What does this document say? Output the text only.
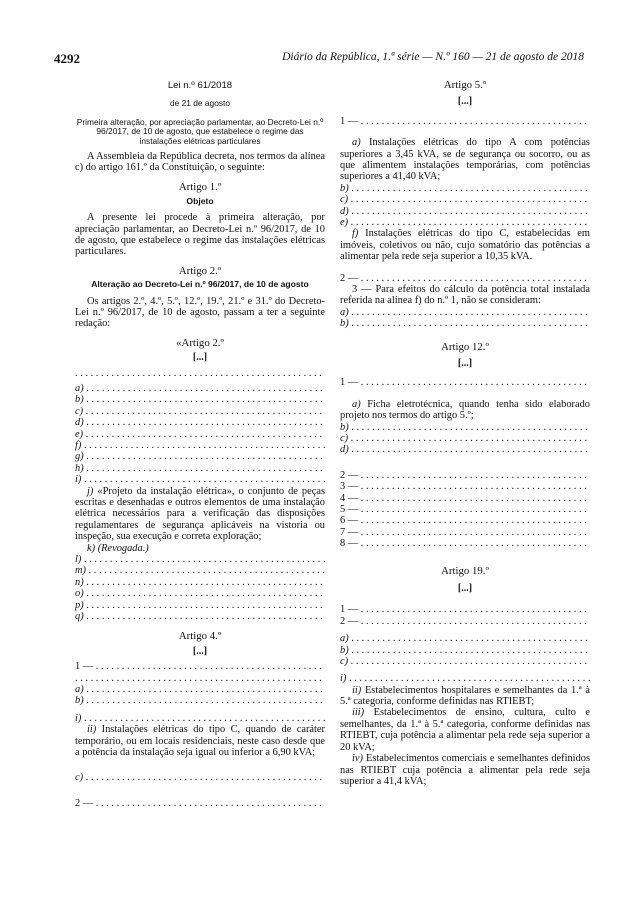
4292	Diário da República, 1.ª série — N.º 160 — 21 de agosto de 2018
Lei n.º 61/2018
de 21 de agosto
Primeira alteração, por apreciação parlamentar, ao Decreto-Lei n.º 96/2017, de 10 de agosto, que estabelece o regime das instalações elétricas particulares

A Assembleia da República decreta, nos termos da alínea c) do artigo 161.º da Constituição, o seguinte:

Artigo 1.º
Objeto

A presente lei procede à primeira alteração, por apreciação parlamentar, ao Decreto-Lei n.º 96/2017, de 10 de agosto, que estabelece o regime das instalações elétricas particulares.

Artigo 2.º
Alteração ao Decreto-Lei n.º 96/2017, de 10 de agosto

Os artigos 2.º, 4.º, 5.º, 12.º, 19.º, 21.º e 31.º do Decreto-Lei n.º 96/2017, de 10 de agosto, passam a ter a seguinte redação:

«Artigo 2.º
[...]
. . .
a) . . .
b) . . .
c) . . .
d) . . .
e) . . .
f) . . .
g) . . .
h) . . .
i) . . .

j) «Projeto da instalação elétrica», o conjunto de peças escritas e desenhadas e outros elementos de uma instalação elétrica necessários para a verificação das disposições regulamentares de segurança aplicáveis na vistoria ou inspeção, sua execução e correta exploração;

k) (Revogada.)

l) . . .
m) . . .
n) . . .
o) . . .
p) . . .
q) . . .
Artigo 4.º
[...]
1 — . . .
. . .
a) . . .
b) . . .
i) . . .

ii) Instalações elétricas do tipo C, quando de caráter temporário, ou em locais residenciais, neste caso desde que a potência da instalação seja igual ou inferior a 6,90 kVA;

c) . . .
2 — . . .
Artigo 5.º
[...]
1 — . . .

a) Instalações elétricas do tipo A com potências superiores a 3,45 kVA, se de segurança ou socorro, ou as que alimentem instalações temporárias, com potências superiores a 41,40 kVA;

b) . . .
c) . . .
d) . . .
e) . . .

f) Instalações elétricas do tipo C, estabelecidas em imóveis, coletivos ou não, cujo somatório das potências a alimentar pela rede seja superior a 10,35 kVA.

2 — . . .

3 — Para efeitos do cálculo da potência total instalada referida na alínea f) do n.º 1, não se consideram:

a) . . .
b) . . .
Artigo 12.º
[...]
1 — . . .

a) Ficha eletrotécnica, quando tenha sido elaborado projeto nos termos do artigo 5.º;

b) . . .
c) . . .
d) . . .
2 — . . .
3 — . . .
4 — . . .
5 — . . .
6 — . . .
7 — . . .
8 — . . .
Artigo 19.º
[...]
1 — . . .
2 — . . .
a) . . .
b) . . .
c) . . .
i) . . .

ii) Estabelecimentos hospitalares e semelhantes da 1.ª à 5.ª categoria, conforme definidas nas RTIEBT;

iii) Estabelecimentos de ensino, cultura, culto e semelhantes, da 1.ª à 5.ª categoria, conforme definidas nas RTIEBT, cuja potência a alimentar pela rede seja superior a 20 kVA;

iv) Estabelecimentos comerciais e semelhantes definidos nas RTIEBT cuja potência a alimentar pela rede seja superior a 41,4 kVA;
